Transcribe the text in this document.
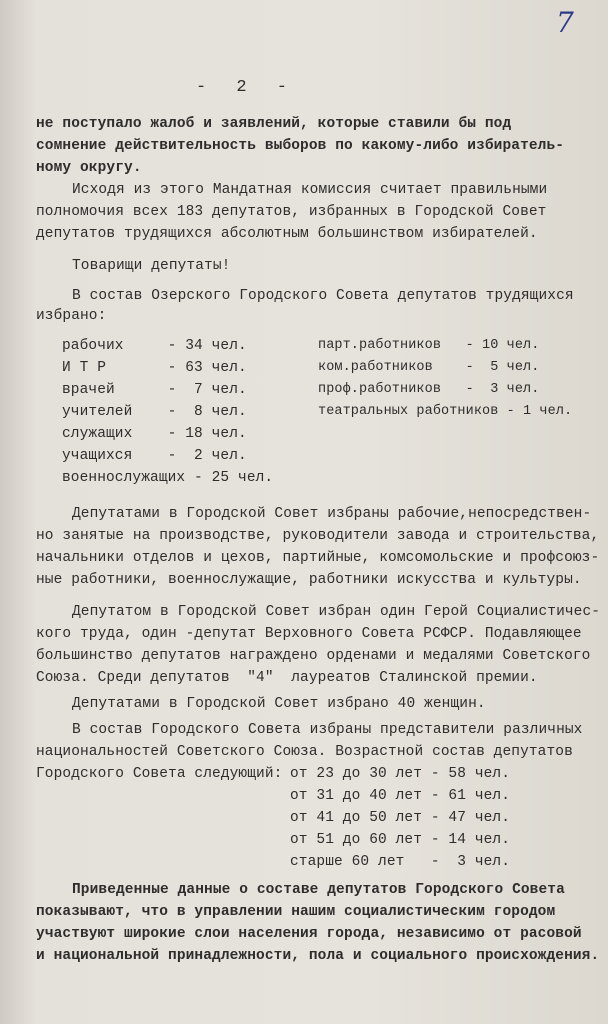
7
- 2 -
не поступало жалоб и заявлений, которые ставили бы под
сомнение действительность выборов по какому-либо избиратель-
ному округу.
Исходя из этого Мандатная комиссия считает правильными
полномочия всех 183 депутатов, избранных в Городской Совет
депутатов трудящихся абсолютным большинством избирателей.
Товарищи депутаты!
В состав Озерского Городского Совета депутатов трудящихся
избрано:
рабочих     - 34 чел.
И Т Р       - 63 чел.
врачей      -  7 чел.
учителей    -  8 чел.
служащих    - 18 чел.
учащихся    -  2 чел.
военнослужащих - 25 чел.
парт.работников   - 10 чел.
ком.работников    -  5 чел.
проф.работников   -  3 чел.
театральных работников - 1 чел.
Депутатами в Городской Совет избраны рабочие,непосредствен-
но занятые на производстве, руководители завода и строительства,
начальники отделов и цехов, партийные, комсомольские и профсоюз-
ные работники, военнослужащие, работники искусства и культуры.
Депутатом в Городской Совет избран один Герой Социалистичес-
кого труда, один -депутат Верховного Совета РСФСР. Подавляющее
большинство депутатов награждено орденами и медалями Советского
Союза. Среди депутатов  "4"  лауреатов Сталинской премии.
Депутатами в Городской Совет избрано 40 женщин.
В состав Городского Совета избраны представители различных
национальностей Советского Союза. Возрастной состав депутатов
Городского Совета следующий: от 23 до 30 лет - 58 чел.
от 31 до 40 лет - 61 чел.
от 41 до 50 лет - 47 чел.
от 51 до 60 лет - 14 чел.
старше 60 лет   -  3 чел.
Приведенные данные о составе депутатов Городского Совета
показывают, что в управлении нашим социалистическим городом
участвуют широкие слои населения города, независимо от расовой
и национальной принадлежности, пола и социального происхождения.
